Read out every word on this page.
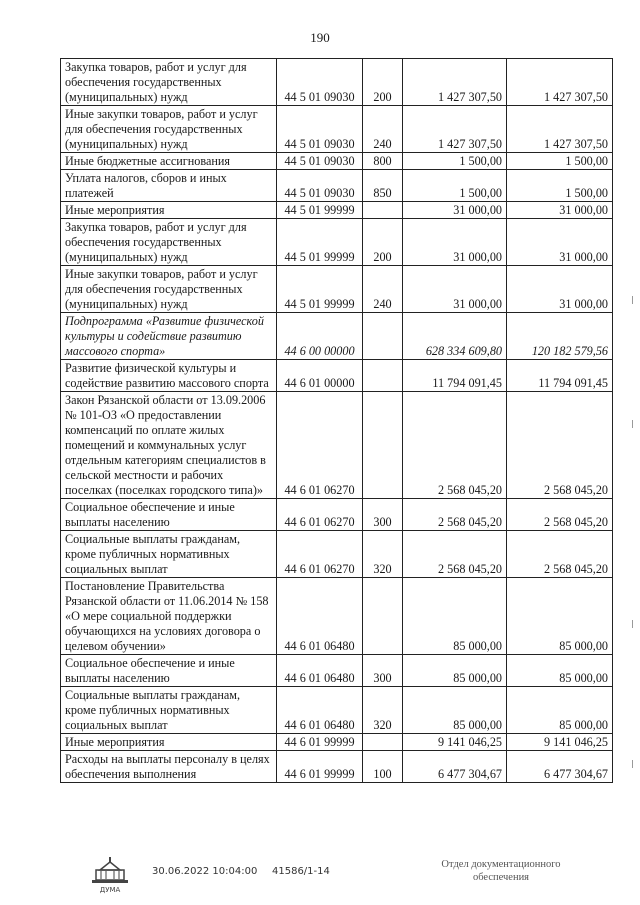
190
Закупка товаров, работ и услуг для обеспечения государственных (муниципальных) нужд	44 5 01 09030	200	1 427 307,50	1 427 307,50
Иные закупки товаров, работ и услуг для обеспечения государственных (муниципальных) нужд	44 5 01 09030	240	1 427 307,50	1 427 307,50
Иные бюджетные ассигнования	44 5 01 09030	800	1 500,00	1 500,00
Уплата налогов, сборов и иных платежей	44 5 01 09030	850	1 500,00	1 500,00
Иные мероприятия	44 5 01 99999		31 000,00	31 000,00
Закупка товаров, работ и услуг для обеспечения государственных (муниципальных) нужд	44 5 01 99999	200	31 000,00	31 000,00
Иные закупки товаров, работ и услуг для обеспечения государственных (муниципальных) нужд	44 5 01 99999	240	31 000,00	31 000,00
Подпрограмма «Развитие физической культуры и содействие развитию массового спорта»	44 6 00 00000		628 334 609,80	120 182 579,56
Развитие физической культуры и содействие развитию массового спорта	44 6 01 00000		11 794 091,45	11 794 091,45
Закон Рязанской области от 13.09.2006 № 101-ОЗ «О предоставлении компенсаций по оплате жилых помещений и коммунальных услуг отдельным категориям специалистов в сельской местности и рабочих поселках (поселках городского типа)»	44 6 01 06270		2 568 045,20	2 568 045,20
Социальное обеспечение и иные выплаты населению	44 6 01 06270	300	2 568 045,20	2 568 045,20
Социальные выплаты гражданам, кроме публичных нормативных социальных выплат	44 6 01 06270	320	2 568 045,20	2 568 045,20
Постановление Правительства Рязанской области от 11.06.2014 № 158 «О мере социальной поддержки обучающихся на условиях договора о целевом обучении»	44 6 01 06480		85 000,00	85 000,00
Социальное обеспечение и иные выплаты населению	44 6 01 06480	300	85 000,00	85 000,00
Социальные выплаты гражданам, кроме публичных нормативных социальных выплат	44 6 01 06480	320	85 000,00	85 000,00
Иные мероприятия	44 6 01 99999		9 141 046,25	9 141 046,25
Расходы на выплаты персоналу в целях обеспечения выполнения	44 6 01 99999	100	6 477 304,67	6 477 304,67
ДУМА
30.06.2022 10:04:00 41586/1-14
Отдел документационного
обеспечения
